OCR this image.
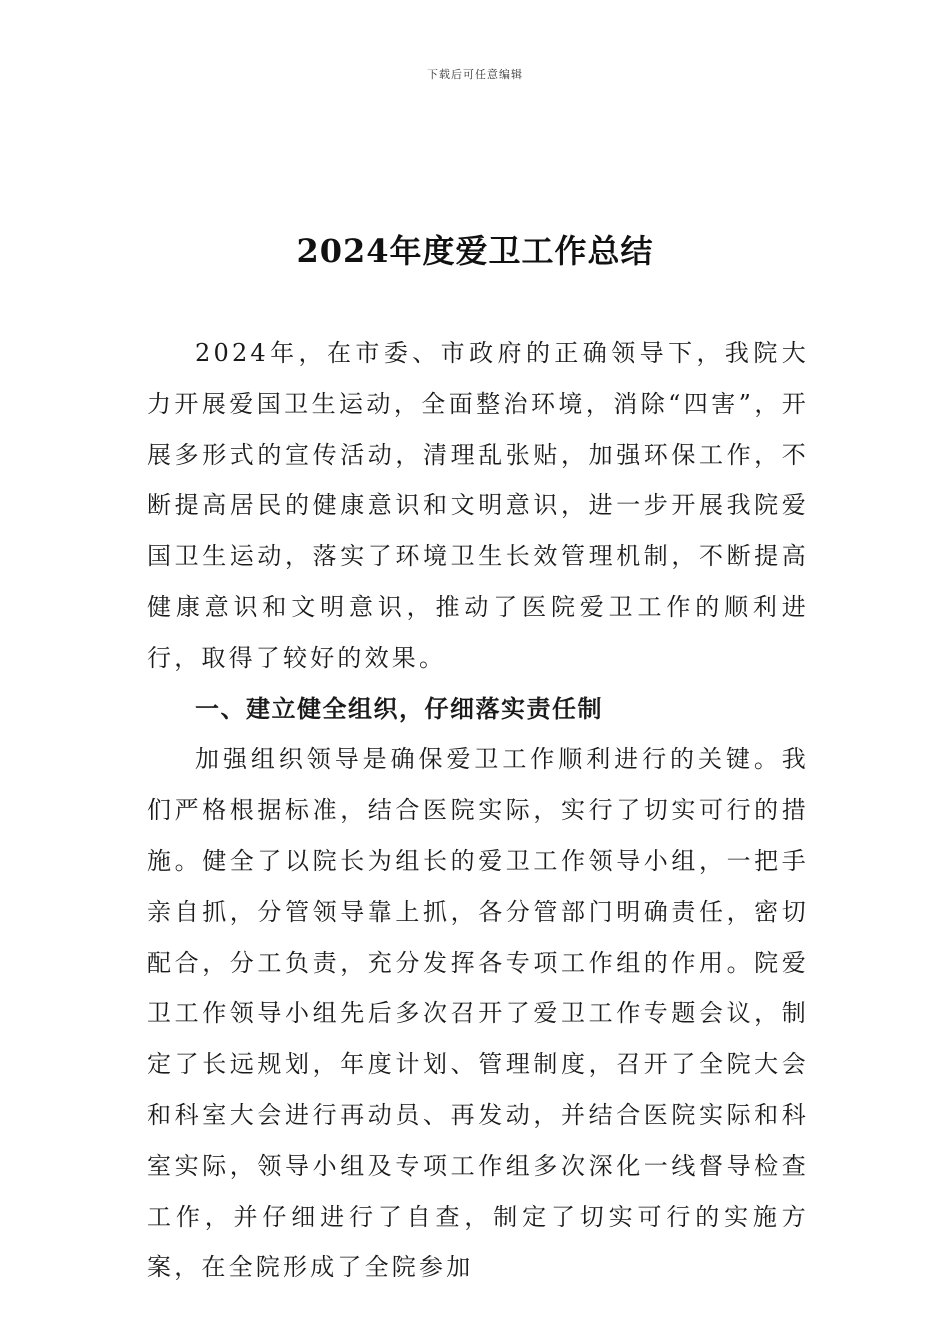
下载后可任意编辑
2024年度爱卫工作总结

2024年，在市委、市政府的正确领导下，我院大力开展爱国卫生运动，全面整治环境，消除“四害”，开展多形式的宣传活动，清理乱张贴，加强环保工作，不断提高居民的健康意识和文明意识，进一步开展我院爱国卫生运动，落实了环境卫生长效管理机制，不断提高健康意识和文明意识，推动了医院爱卫工作的顺利进行，取得了较好的效果。

一、建立健全组织，仔细落实责任制

加强组织领导是确保爱卫工作顺利进行的关键。我们严格根据标准，结合医院实际，实行了切实可行的措施。健全了以院长为组长的爱卫工作领导小组，一把手亲自抓，分管领导靠上抓，各分管部门明确责任，密切配合，分工负责，充分发挥各专项工作组的作用。院爱卫工作领导小组先后多次召开了爱卫工作专题会议，制定了长远规划，年度计划、管理制度，召开了全院大会和科室大会进行再动员、再发动，并结合医院实际和科室实际，领导小组及专项工作组多次深化一线督导检查工作，并仔细进行了自查，制定了切实可行的实施方案，在全院形成了全院参加
